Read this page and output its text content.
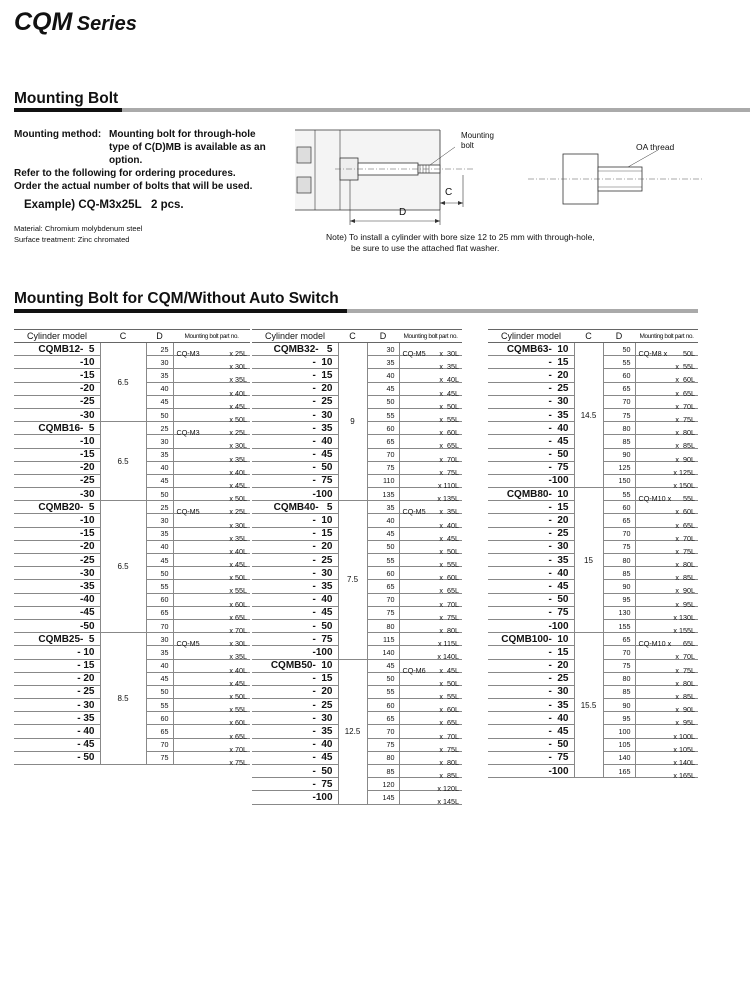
CQM Series
Mounting Bolt
Mounting method: Mounting bolt for through-hole
type of C(D)MB is available as an
option.
Refer to the following for ordering procedures.
Order the actual number of bolts that will be used.
Example) CQ-M3x25L   2 pcs.
Material: Chromium molybdenum steel
Surface treatment: Zinc chromated
Mounting
bolt
C
D
OA thread
Note) To install a cylinder with bore size 12 to 25 mm with through-hole,
be sure to use the attached flat washer.
Mounting Bolt for CQM/Without Auto Switch
Cylinder model	C	D	Mounting bolt part no.
CQMB12-  5	6.5	25	CQ-M3 x 25L

-10		30	x 30L

-15		35	x 35L

-20		40	x 40L

-25		45	x 45L

-30		50	x 50L

CQMB16-  5	6.5	25	CQ-M3 x 25L

-10		30	x 30L

-15		35	x 35L

-20		40	x 40L

-25		45	x 45L

-30		50	x 50L

CQMB20-  5	6.5	25	CQ-M5 x 25L

-10		30	x 30L

-15		35	x 35L

-20		40	x 40L

-25		45	x 45L

-30		50	x 50L

-35		55	x 55L

-40		60	x 60L

-45		65	x 65L

-50		70	x 70L

CQMB25-  5	8.5	30	CQ-M5 x 30L

- 10		35	x 35L

- 15		40	x 40L

- 20		45	x 45L

- 25		50	x 50L

- 30		55	x 55L

- 35		60	x 60L

- 40		65	x 65L

- 45		70	x 70L

- 50		75	x 75L
Cylinder model	C	D	Mounting bolt part no.
CQMB32-   5	9	30	CQ-M5 x  30L

-  10		35	x  35L

-  15		40	x  40L

-  20		45	x  45L

-  25		50	x  50L

-  30		55	x  55L

-  35		60	x  60L

-  40		65	x  65L

-  45		70	x  70L

-  50		75	x  75L

-  75		110	x 110L

-100		135	x 135L

CQMB40-   5	7.5	35	CQ-M5 x  35L

-  10		40	x  40L

-  15		45	x  45L

-  20		50	x  50L

-  25		55	x  55L

-  30		60	x  60L

-  35		65	x  65L

-  40		70	x  70L

-  45		75	x  75L

-  50		80	x  80L

-  75		115	x 115L

-100		140	x 140L

CQMB50-  10	12.5	45	CQ-M6 x  45L

-  15		50	x  50L

-  20		55	x  55L

-  25		60	x  60L

-  30		65	x  65L

-  35		70	x  70L

-  40		75	x  75L

-  45		80	x  80L

-  50		85	x  85L

-  75		120	x 120L

-100		145	x 145L
Cylinder model	C	D	Mounting bolt part no.
CQMB63-  10	14.5	50	CQ-M8 x 50L

-  15		55	x  55L

-  20		60	x  60L

-  25		65	x  65L

-  30		70	x  70L

-  35		75	x  75L

-  40		80	x  80L

-  45		85	x  85L

-  50		90	x  90L

-  75		125	x 125L

-100		150	x 150L

CQMB80-  10	15	55	CQ-M10 x 55L

-  15		60	x  60L

-  20		65	x  65L

-  25		70	x  70L

-  30		75	x  75L

-  35		80	x  80L

-  40		85	x  85L

-  45		90	x  90L

-  50		95	x  95L

-  75		130	x 130L

-100		155	x 155L

CQMB100-  10	15.5	65	CQ-M10 x 65L

-  15		70	x  70L

-  20		75	x  75L

-  25		80	x  80L

-  30		85	x  85L

-  35		90	x  90L

-  40		95	x  95L

-  45		100	x 100L

-  50		105	x 105L

-  75		140	x 140L

-100		165	x 165L
